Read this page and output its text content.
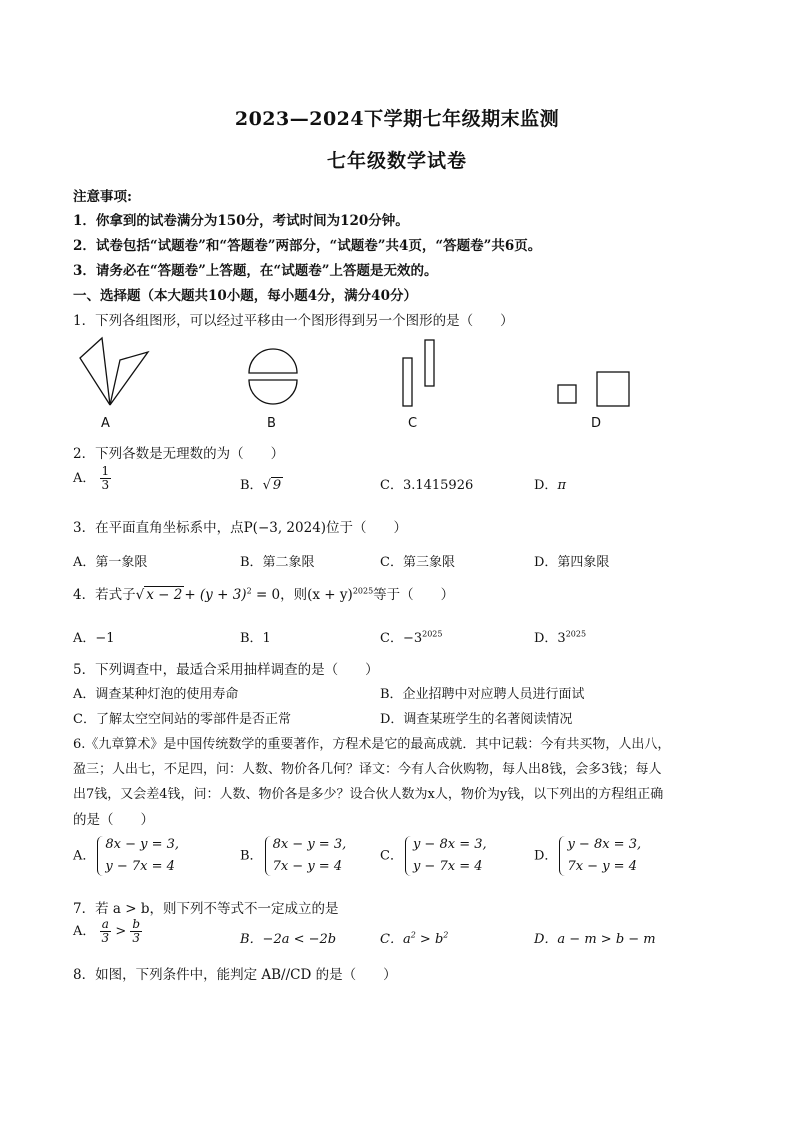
2023—2024下学期七年级期末监测
七年级数学试卷
注意事项:
1．你拿到的试卷满分为150分，考试时间为120分钟。
2．试卷包括“试题卷”和“答题卷”两部分，“试题卷”共4页，“答题卷”共6页。
3．请务必在“答题卷”上答题，在“试题卷”上答题是无效的。
一、选择题（本大题共10小题，每小题4分，满分40分）
1．下列各组图形，可以经过平移由一个图形得到另一个图形的是（　　）
A	B	C	D
2．下列各数是无理数的为（　　）
A． $\frac{1}{3}$	B．√ 9	C．3.1415926	D．π
3．在平面直角坐标系中，点P(−3, 2024)位于（　　）
A．第一象限	B．第二象限	C．第三象限	D．第四象限
4．若式子√ $x - 2 + (y + 3)^2 = 0$，则$(x + y)^{2025}$等于（　　）
A．−1	B．1	C．$-3^{2025}$	D．$3^{2025}$
5．下列调查中，最适合采用抽样调查的是（　　）
A．调查某种灯泡的使用寿命	B．企业招聘中对应聘人员进行面试
C．了解太空空间站的零部件是否正常	D．调查某班学生的名著阅读情况
6.《九章算术》是中国传统数学的重要著作，方程术是它的最高成就．其中记载：今有共买物，人出八，
盈三；人出七，不足四，问：人数、物价各几何？译文：今有人合伙购物，每人出8钱，会多3钱；每人
出7钱，又会差4钱，问：人数、物价各是多少？设合伙人数为x人，物价为y钱，以下列出的方程组正确
的是（　　）
A．
8x − y = 3,
y − 7x = 4
B．
8x − y = 3,
7x − y = 4
C．
y − 8x = 3,
y − 7x = 4
D．
y − 8x = 3,
7x − y = 4
7．若 a > b，则下列不等式不一定成立的是
A． $\frac{a}{3} > \frac{b}{3}$	B．−2a < −2b	C．$a^2 > b^2$	D．a − m > b − m
8．如图，下列条件中，能判定 AB//CD 的是（　　）
